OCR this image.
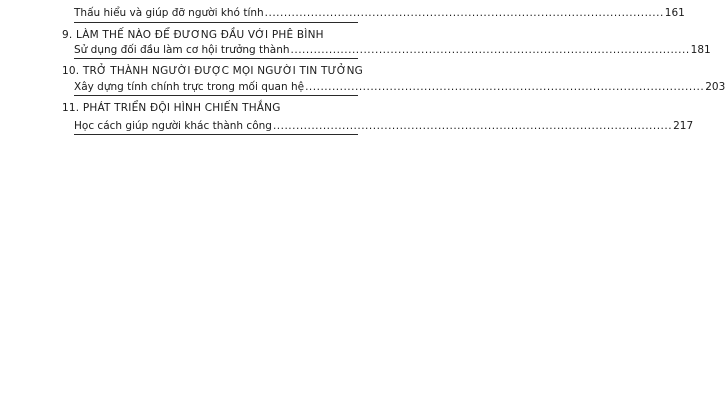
Thấu hiểu và giúp đỡ người khó tính ........................................................................................................ 161
9. LÀM THẾ NÀO ĐỂ ĐƯƠNG ĐẦU VỚI PHÊ BÌNH
Sử dụng đối đầu làm cơ hội trưởng thành ........................................................................................................ 181
10. TRỞ THÀNH NGƯỜI ĐƯỢC MỌI NGƯỜI TIN TƯỞNG
Xây dựng tính chính trực trong mối quan hệ ........................................................................................................ 203
11. PHÁT TRIỂN ĐỘI HÌNH CHIẾN THẮNG
Học cách giúp người khác thành công ........................................................................................................ 217
